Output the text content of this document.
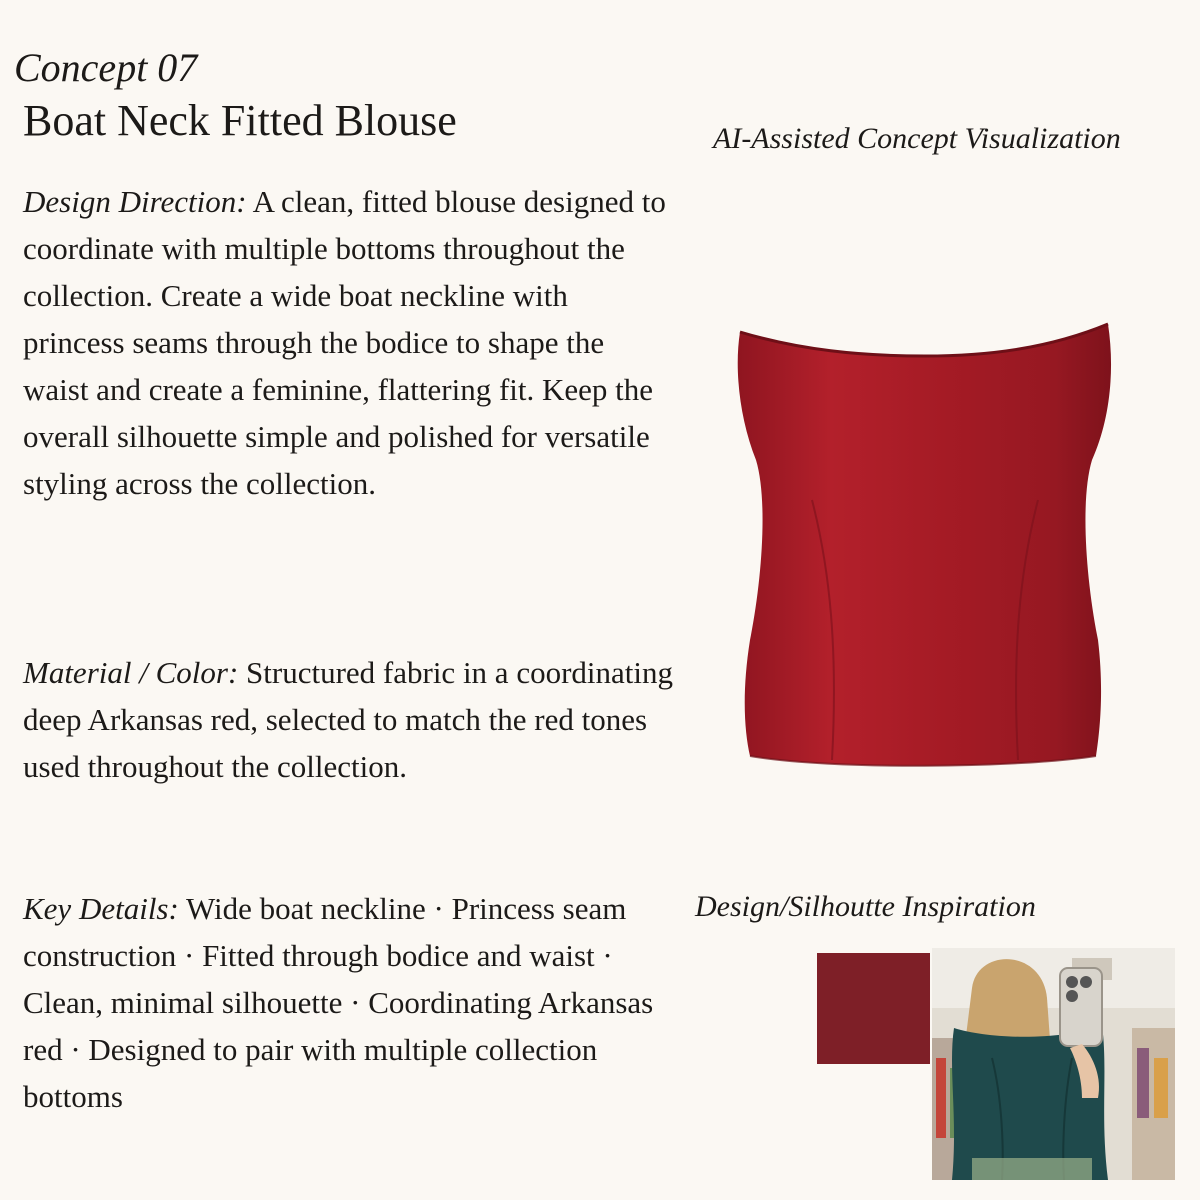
Concept 07
Boat Neck Fitted Blouse	AI-Assisted Concept Visualization
Design Direction: A clean, fitted blouse designed to coordinate with multiple bottoms throughout the collection. Create a wide boat neckline with princess seams through the bodice to shape the waist and create a feminine, flattering fit. Keep the overall silhouette simple and polished for versatile styling across the collection.
Material / Color: Structured fabric in a coordinating deep Arkansas red, selected to match the red tones used throughout the collection.
Key Details: Wide boat neckline · Princess seam construction · Fitted through bodice and waist · Clean, minimal silhouette · Coordinating Arkansas red · Designed to pair with multiple collection bottoms
Design/Silhoutte Inspiration
